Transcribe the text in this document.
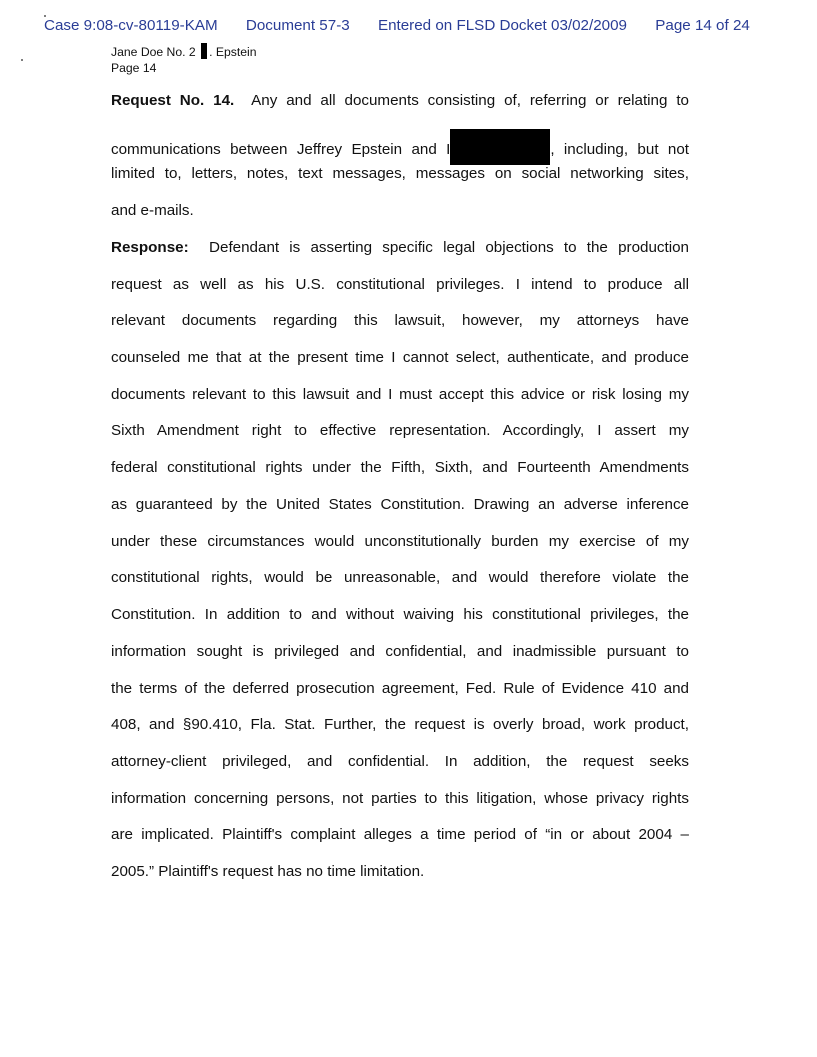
Case 9:08-cv-80119-KAM Document 57-3 Entered on FLSD Docket 03/02/2009 Page 14 of 24
Jane Doe No. 2 . Epstein
Page 14
Request No. 14. Any and all documents consisting of, referring or relating to
communications between Jeffrey Epstein and I	, including, but not
limited to, letters, notes, text messages, messages on social networking sites,
and e-mails.
Response: Defendant is asserting specific legal objections to the production
request as well as his U.S. constitutional privileges. I intend to produce all
relevant documents regarding this lawsuit, however, my attorneys have
counseled me that at the present time I cannot select, authenticate, and produce
documents relevant to this lawsuit and I must accept this advice or risk losing my
Sixth Amendment right to effective representation. Accordingly, I assert my
federal constitutional rights under the Fifth, Sixth, and Fourteenth Amendments
as guaranteed by the United States Constitution. Drawing an adverse inference
under these circumstances would unconstitutionally burden my exercise of my
constitutional rights, would be unreasonable, and would therefore violate the
Constitution. In addition to and without waiving his constitutional privileges, the
information sought is privileged and confidential, and inadmissible pursuant to
the terms of the deferred prosecution agreement, Fed. Rule of Evidence 410 and
408, and §90.410, Fla. Stat. Further, the request is overly broad, work product,
attorney-client privileged, and confidential. In addition, the request seeks
information concerning persons, not parties to this litigation, whose privacy rights
are implicated. Plaintiff's complaint alleges a time period of “in or about 2004 –
2005.” Plaintiff's request has no time limitation.
